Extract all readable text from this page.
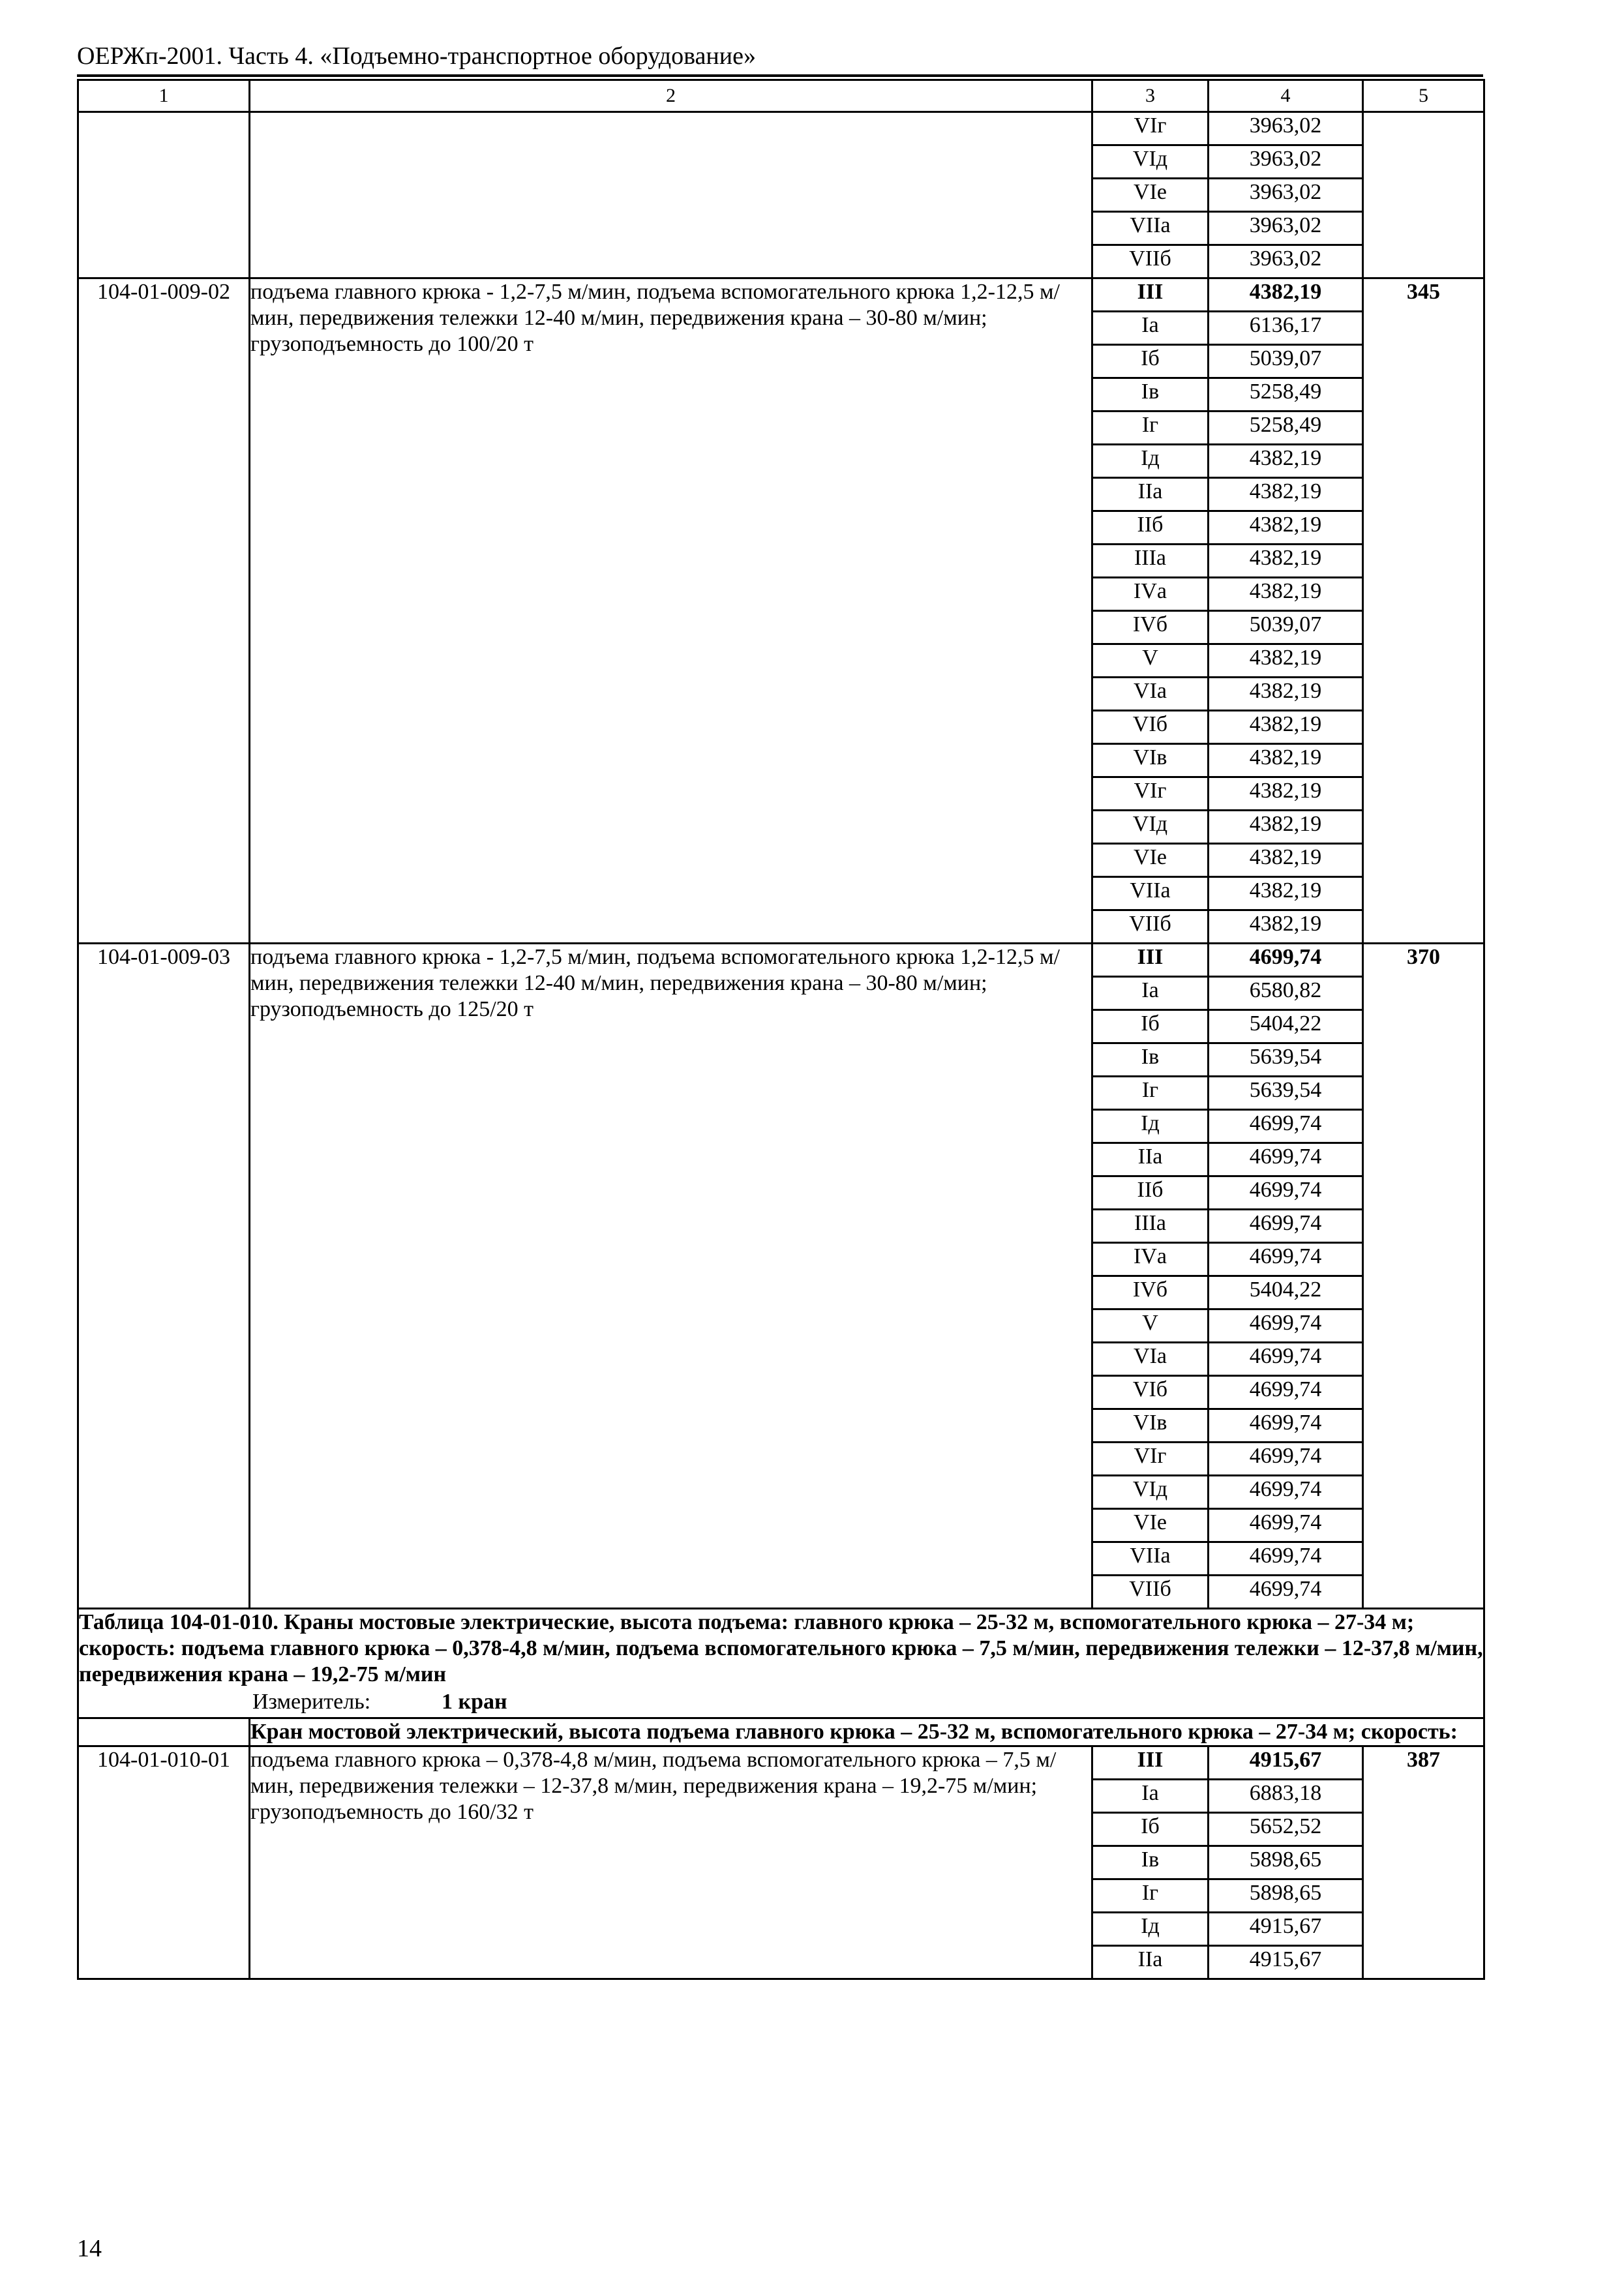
ОЕРЖп-2001. Часть 4. «Подъемно-транспортное оборудование»
1	2	3	4	5
		VIг	3963,02	
		VIд	3963,02	
		VIе	3963,02	
		VIIа	3963,02	
		VIIб	3963,02	
104-01-009-02	подъема главного крюка - 1,2-7,5 м/мин, подъема вспомогательного крюка 1,2-12,5 м/мин, передвижения тележки 12-40 м/мин, передвижения крана – 30-80 м/мин; грузоподъемность до 100/20 т	III	4382,19	345
		Iа	6136,17	
		Iб	5039,07	
		Iв	5258,49	
		Iг	5258,49	
		Iд	4382,19	
		IIа	4382,19	
		IIб	4382,19	
		IIIа	4382,19	
		IVа	4382,19	
		IVб	5039,07	
		V	4382,19	
		VIа	4382,19	
		VIб	4382,19	
		VIв	4382,19	
		VIг	4382,19	
		VIд	4382,19	
		VIе	4382,19	
		VIIа	4382,19	
		VIIб	4382,19	
104-01-009-03	подъема главного крюка - 1,2-7,5 м/мин, подъема вспомогательного крюка 1,2-12,5 м/мин, передвижения тележки 12-40 м/мин, передвижения крана – 30-80 м/мин; грузоподъемность до 125/20 т	III	4699,74	370
		Iа	6580,82	
		Iб	5404,22	
		Iв	5639,54	
		Iг	5639,54	
		Iд	4699,74	
		IIа	4699,74	
		IIб	4699,74	
		IIIа	4699,74	
		IVа	4699,74	
		IVб	5404,22	
		V	4699,74	
		VIа	4699,74	
		VIб	4699,74	
		VIв	4699,74	
		VIг	4699,74	
		VIд	4699,74	
		VIе	4699,74	
		VIIа	4699,74	
		VIIб	4699,74	
Таблица 104-01-010. Краны мостовые электрические, высота подъема: главного крюка – 25-32 м, вспомогательного крюка – 27-34 м; скорость: подъема главного крюка – 0,378-4,8 м/мин, подъема вспомогательного крюка – 7,5 м/мин, передвижения тележки – 12-37,8 м/мин, передвижения крана – 19,2-75 м/мин				
Измеритель: 1 кран				
	Кран мостовой электрический, высота подъема главного крюка – 25-32 м, вспомогательного крюка – 27-34 м; скорость:			
104-01-010-01	подъема главного крюка – 0,378-4,8 м/мин, подъема вспомогательного крюка – 7,5 м/мин, передвижения тележки – 12-37,8 м/мин, передвижения крана – 19,2-75 м/мин; грузоподъемность до 160/32 т	III	4915,67	387
		Iа	6883,18	
		Iб	5652,52	
		Iв	5898,65	
		Iг	5898,65	
		Iд	4915,67	
		IIа	4915,67	
14
